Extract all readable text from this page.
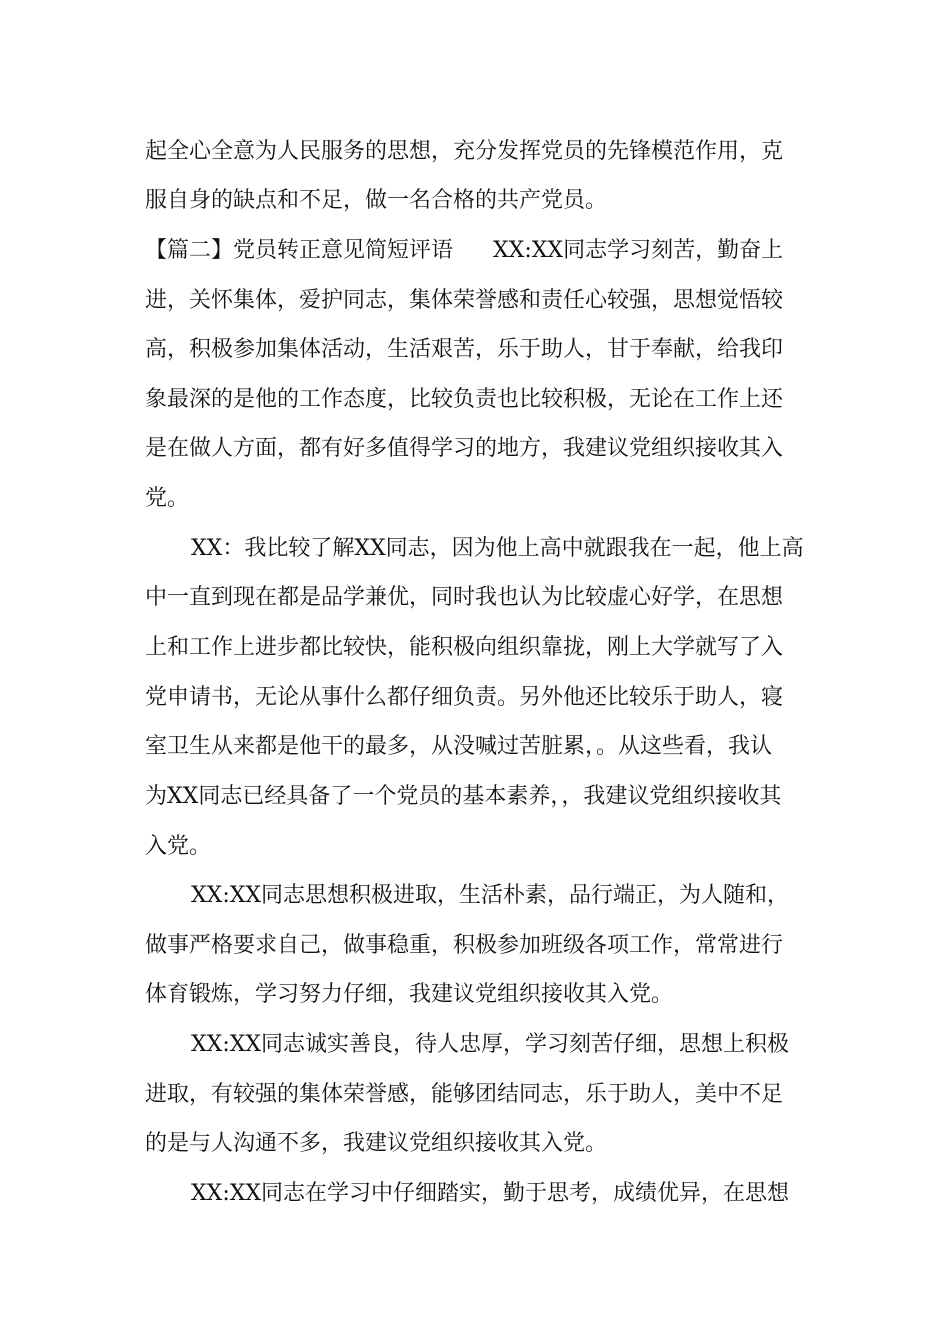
起全心全意为人民服务的思想，充分发挥党员的先锋模范作用，克
服自身的缺点和不足，做一名合格的共产党员。
【篇二】党员转正意见简短评语 XX:XX同志学习刻苦，勤奋上
进，关怀集体，爱护同志，集体荣誉感和责任心较强，思想觉悟较
高，积极参加集体活动，生活艰苦，乐于助人，甘于奉献，给我印
象最深的是他的工作态度，比较负责也比较积极，无论在工作上还
是在做人方面，都有好多值得学习的地方，我建议党组织接收其入
党。
XX：我比较了解XX同志，因为他上高中就跟我在一起，他上高
中一直到现在都是品学兼优，同时我也认为比较虚心好学，在思想
上和工作上进步都比较快，能积极向组织靠拢，刚上大学就写了入
党申请书，无论从事什么都仔细负责。另外他还比较乐于助人，寝
室卫生从来都是他干的最多，从没喊过苦脏累，。从这些看，我认
为XX同志已经具备了一个党员的基本素养，，我建议党组织接收其
入党。
XX:XX同志思想积极进取，生活朴素，品行端正，为人随和，
做事严格要求自己，做事稳重，积极参加班级各项工作，常常进行
体育锻炼，学习努力仔细，我建议党组织接收其入党。
XX:XX同志诚实善良，待人忠厚，学习刻苦仔细，思想上积极
进取，有较强的集体荣誉感，能够团结同志，乐于助人，美中不足
的是与人沟通不多，我建议党组织接收其入党。
XX:XX同志在学习中仔细踏实，勤于思考，成绩优异，在思想
